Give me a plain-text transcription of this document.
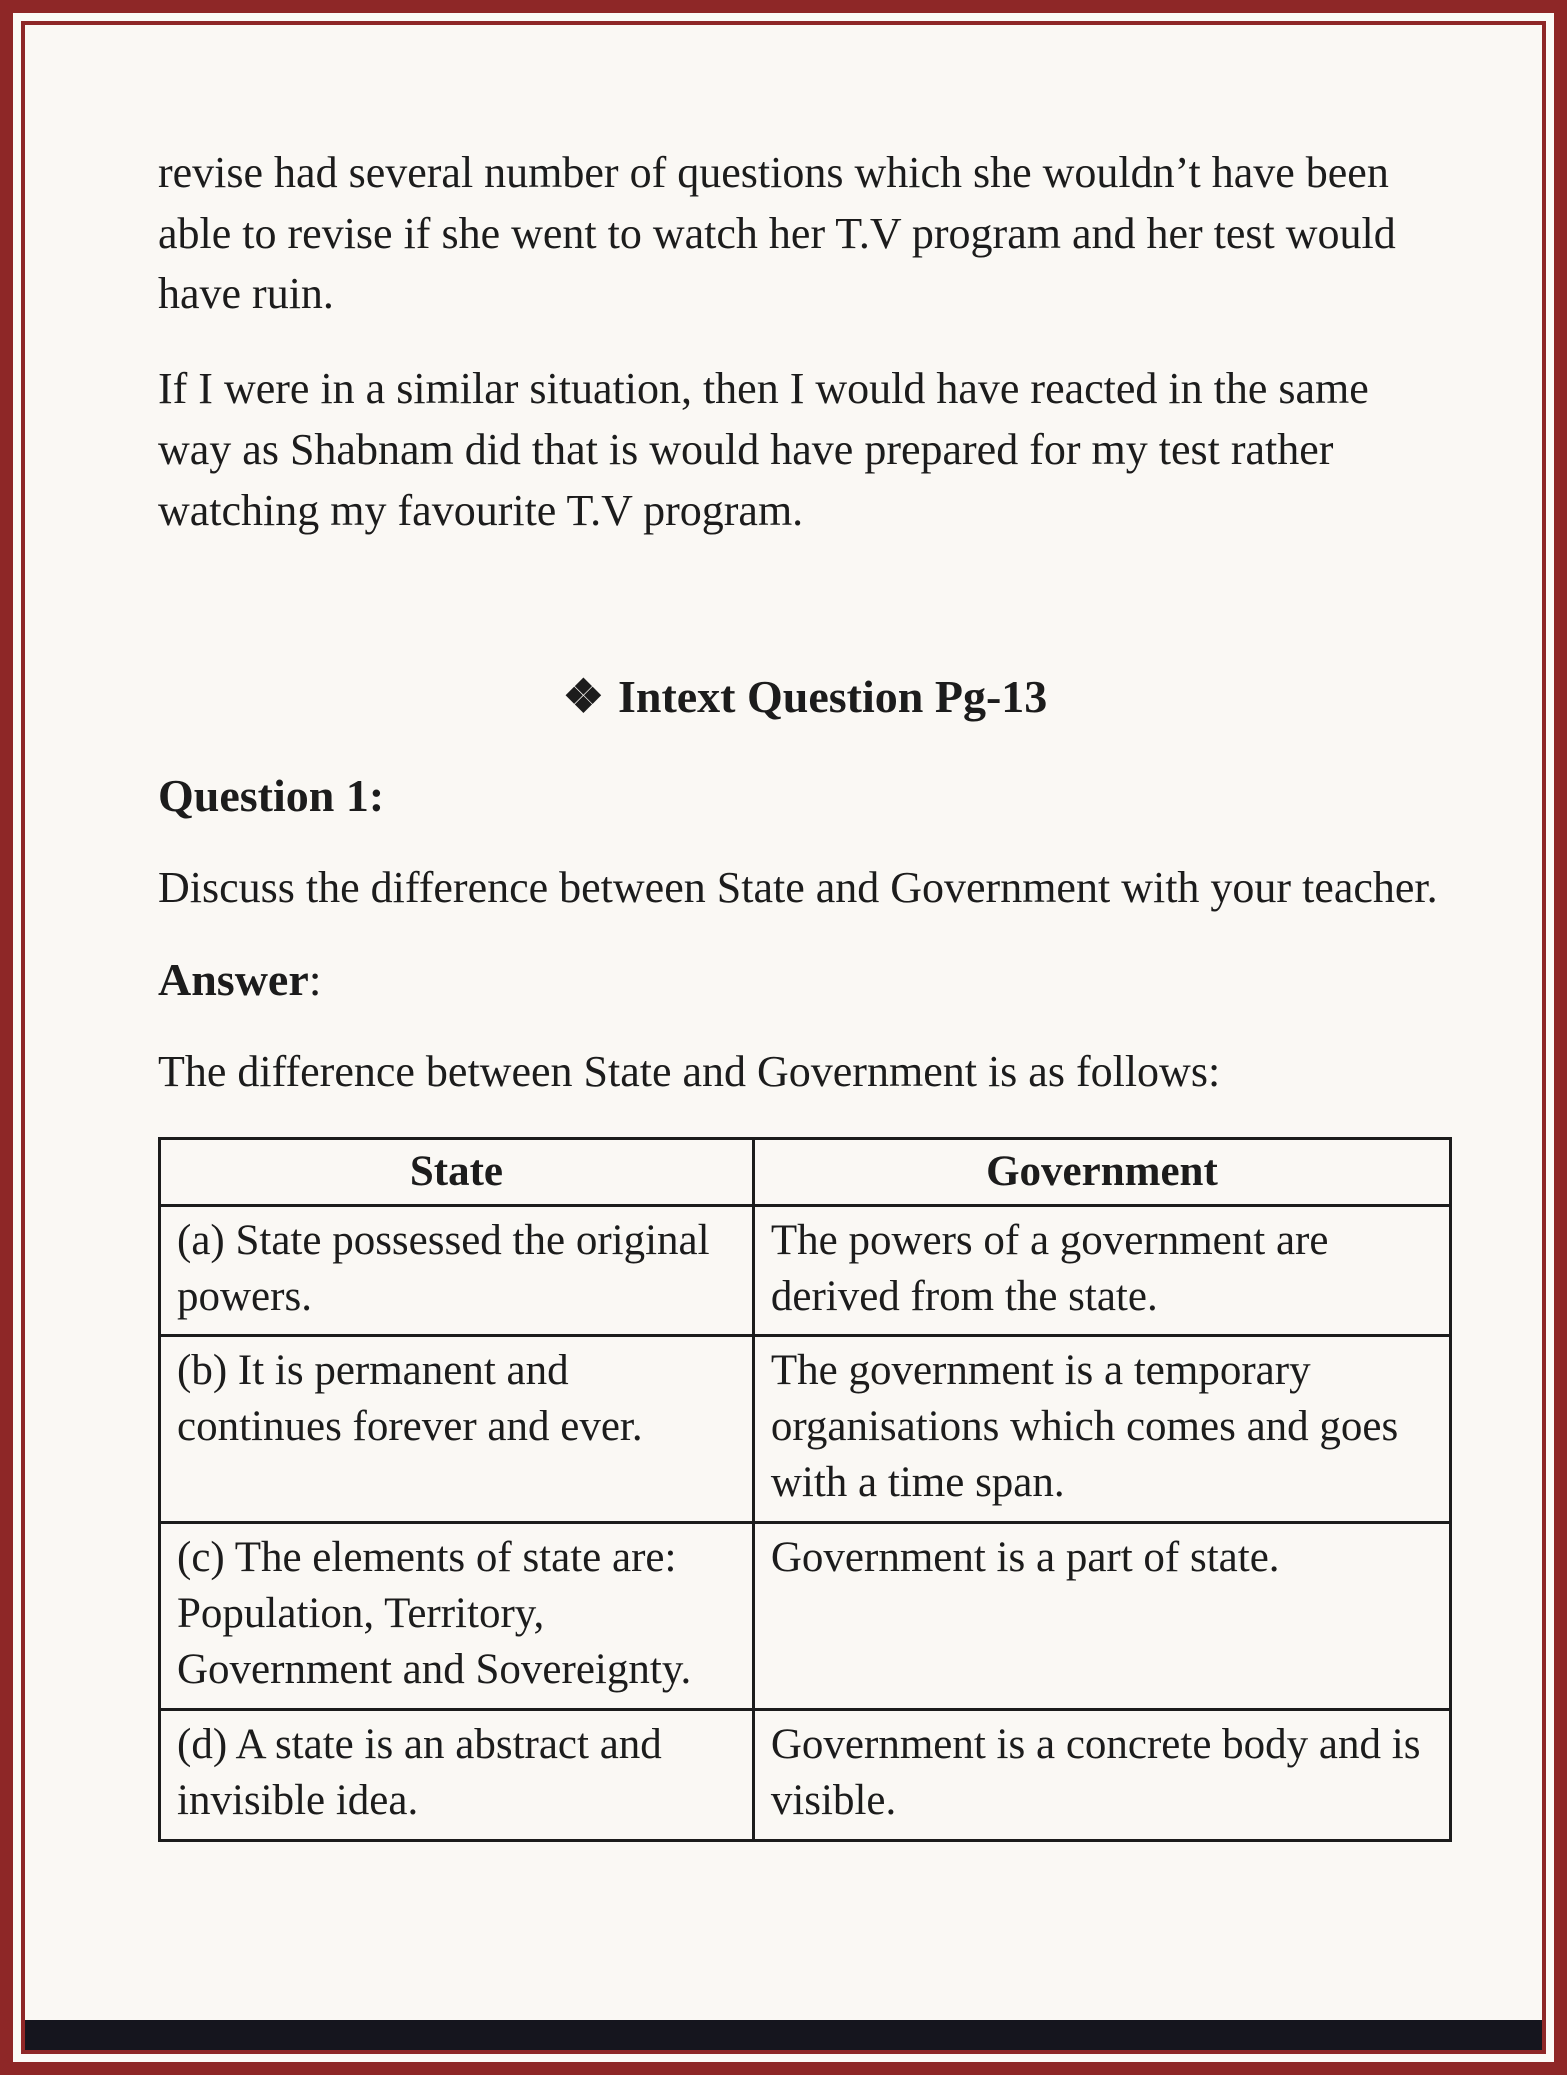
revise had several number of questions which she wouldn’t have been able to revise if she went to watch her T.V program and her test would have ruin.

If I were in a similar situation, then I would have reacted in the same way as Shabnam did that is would have prepared for my test rather watching my favourite T.V program.

❖ Intext Question Pg-13
Question 1:

Discuss the difference between State and Government with your teacher.

Answer:

The difference between State and Government is as follows:

State	Government
(a) State possessed the original powers.	The powers of a government are derived from the state.
(b) It is permanent and continues forever and ever.	The government is a temporary organisations which comes and goes with a time span.
(c) The elements of state are: Population, Territory, Government and Sovereignty.	Government is a part of state.
(d) A state is an abstract and invisible idea.	Government is a concrete body and is visible.
